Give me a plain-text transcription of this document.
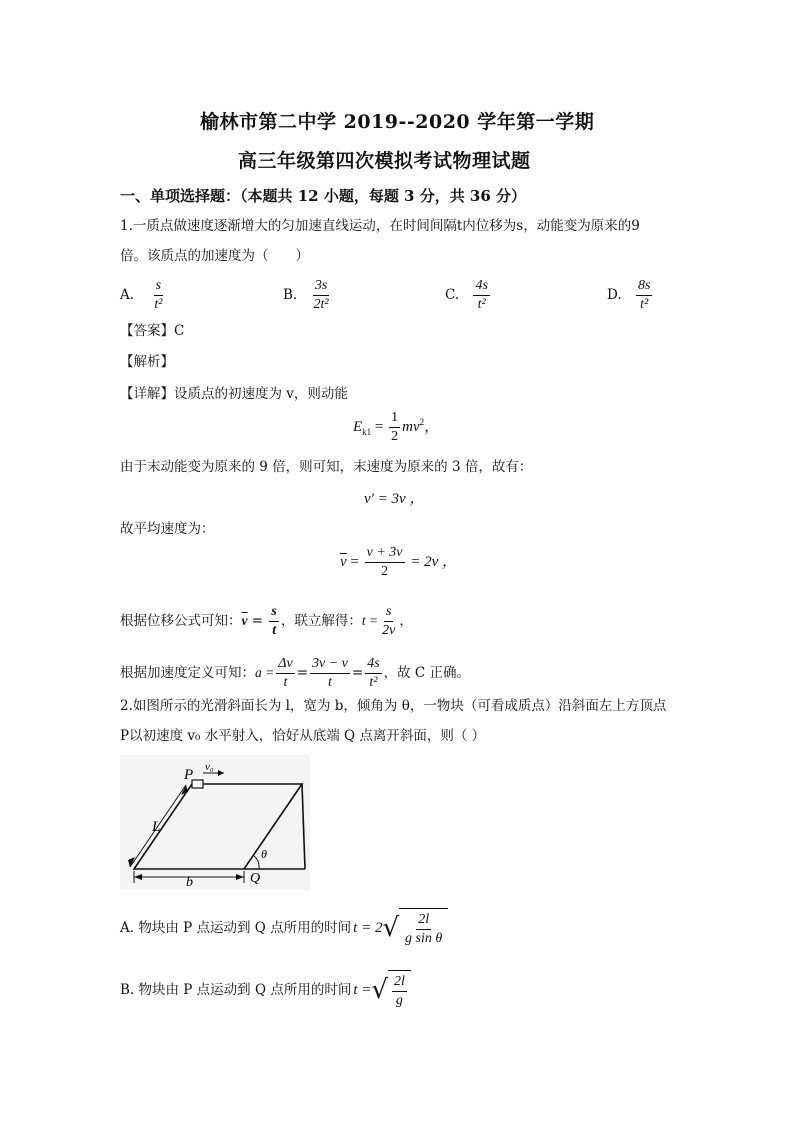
榆林市第二中学 2019--2020 学年第一学期
高三年级第四次模拟考试物理试题
一、单项选择题：（本题共 12 小题，每题 3 分，共 36 分）
1.一质点做速度逐渐增大的匀加速直线运动，在时间间隔t内位移为s，动能变为原来的9
倍。该质点的加速度为（　　）
A. $\frac{s}{\text{t²}}$	B. $\frac{3s}{\text{2t²}}$	C. $\frac{4s}{\text{t²}}$	D. $\frac{8s}{\text{t²}}$
【答案】C
【解析】
【详解】设质点的初速度为 v，则动能
$E_{k1} = \frac{1}{2} mv^2$，
由于末动能变为原来的 9 倍，则可知，末速度为原来的 3 倍，故有：
v′ = 3v ，
故平均速度为：
$\overline{v} = \frac{v + 3v}{2} = 2v$ ，
根据位移公式可知：$\overline{v} = \frac{s}{t}$ ，联立解得：$t = \frac{s}{2v}$ ，
根据加速度定义可知：$a = \frac{\Delta v}{t} = \frac{3v - v}{t} = \frac{4s}{\text{t²}}$ ，故 C 正确。
2.如图所示的光滑斜面长为 l，宽为 b，倾角为 θ，一物块（可看成质点）沿斜面左上方顶点
P以初速度 v₀ 水平射入，恰好从底端 Q 点离开斜面，则（ ）
P v₀
L
b	Q
θ
A. 物块由 P 点运动到 Q 点所用的时间 t = 2 √ $\frac{2l}{\text{g sin θ}}$
B. 物块由 P 点运动到 Q 点所用的时间 t = √ $\frac{2l}{g}$
